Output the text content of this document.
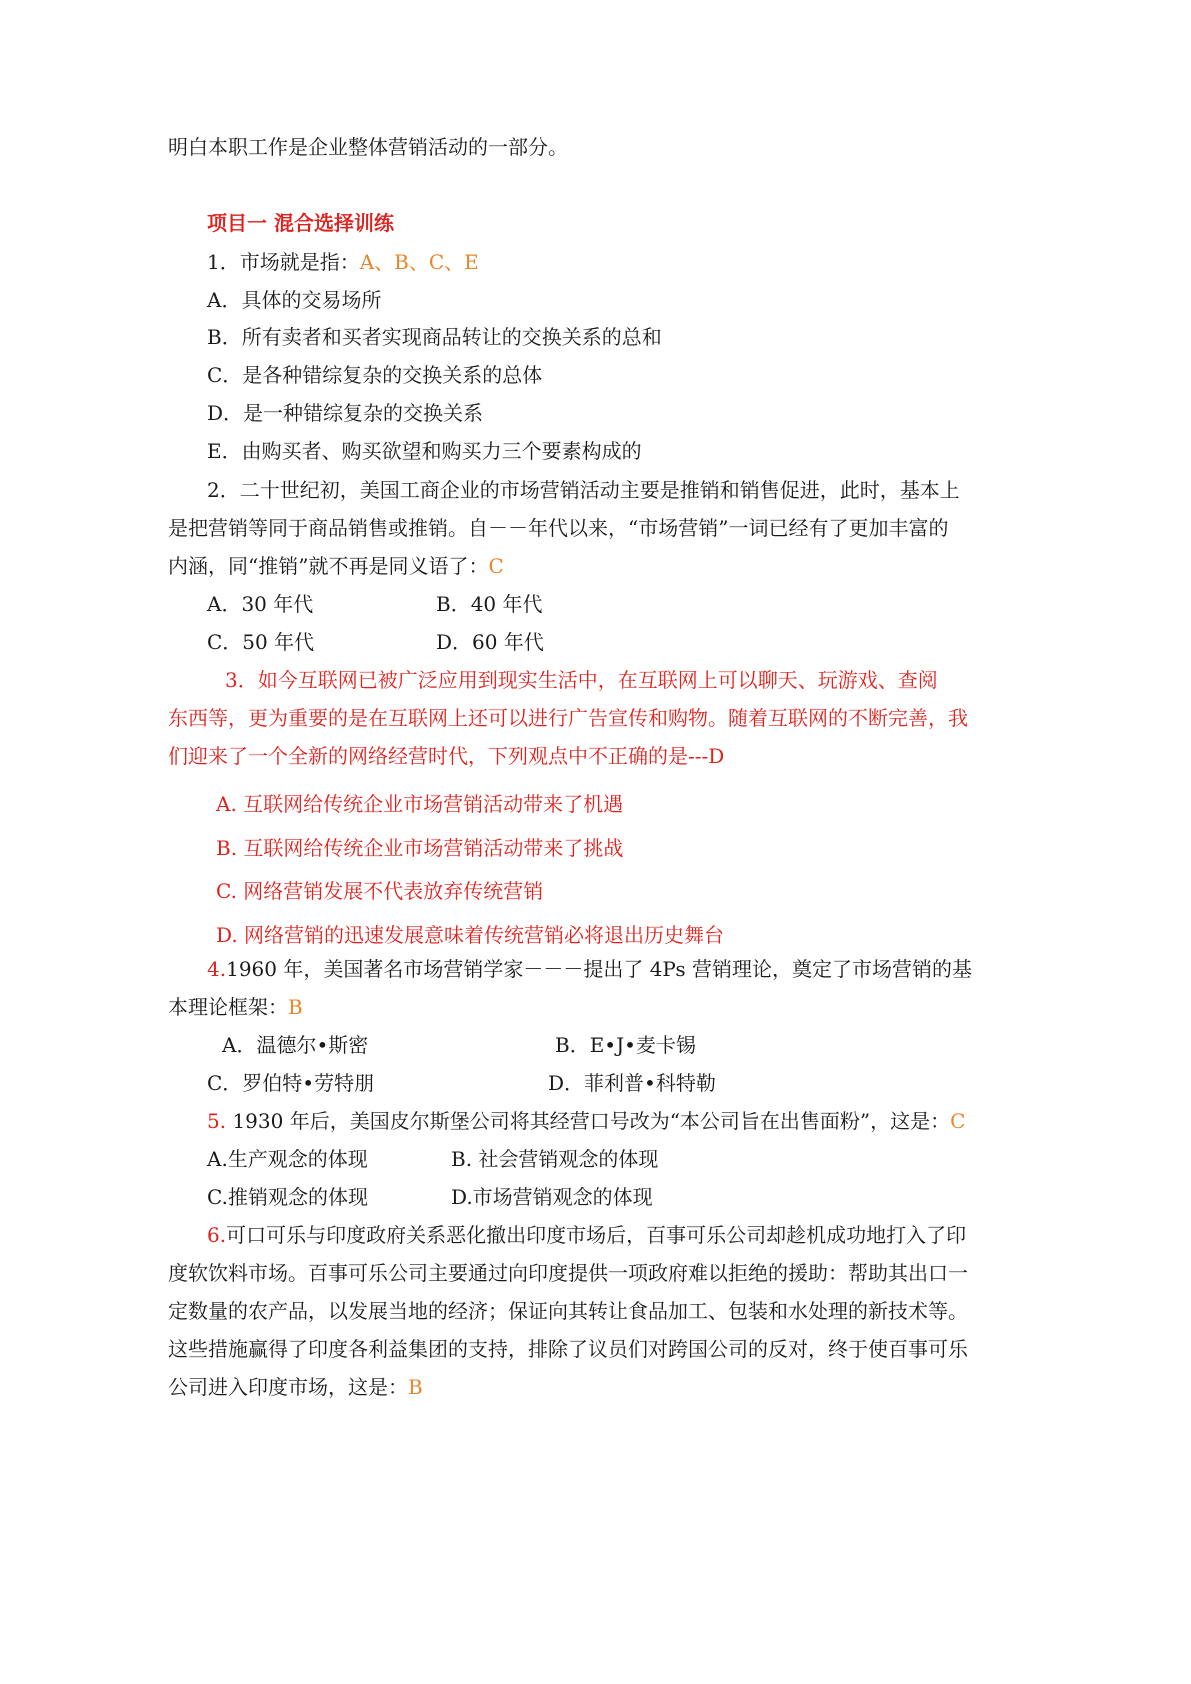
明白本职工作是企业整体营销活动的一部分。
项目一 混合选择训练
1．市场就是指：A、B、C、E
A．具体的交易场所
B．所有卖者和买者实现商品转让的交换关系的总和
C．是各种错综复杂的交换关系的总体
D．是一种错综复杂的交换关系
E．由购买者、购买欲望和购买力三个要素构成的
2．二十世纪初，美国工商企业的市场营销活动主要是推销和销售促进，此时，基本上
是把营销等同于商品销售或推销。自－－年代以来，“市场营销”一词已经有了更加丰富的
内涵，同“推销”就不再是同义语了：C
A．30 年代	B．40 年代
C．50 年代	D．60 年代
3．如今互联网已被广泛应用到现实生活中，在互联网上可以聊天、玩游戏、查阅
东西等，更为重要的是在互联网上还可以进行广告宣传和购物。随着互联网的不断完善，我
们迎来了一个全新的网络经营时代，下列观点中不正确的是---D
A. 互联网给传统企业市场营销活动带来了机遇
B. 互联网给传统企业市场营销活动带来了挑战
C. 网络营销发展不代表放弃传统营销
D. 网络营销的迅速发展意味着传统营销必将退出历史舞台
4.1960 年，美国著名市场营销学家－－－提出了 4Ps 营销理论，奠定了市场营销的基
本理论框架：B
A．温德尔•斯密	B．E•J•麦卡锡
C．罗伯特•劳特朋	D．菲利普•科特勒
5. 1930 年后，美国皮尔斯堡公司将其经营口号改为“本公司旨在出售面粉”，这是：C
A.生产观念的体现	B. 社会营销观念的体现
C.推销观念的体现	D.市场营销观念的体现
6.可口可乐与印度政府关系恶化撤出印度市场后，百事可乐公司却趁机成功地打入了印
度软饮料市场。百事可乐公司主要通过向印度提供一项政府难以拒绝的援助：帮助其出口一
定数量的农产品，以发展当地的经济；保证向其转让食品加工、包装和水处理的新技术等。
这些措施赢得了印度各利益集团的支持，排除了议员们对跨国公司的反对，终于使百事可乐
公司进入印度市场，这是：B
